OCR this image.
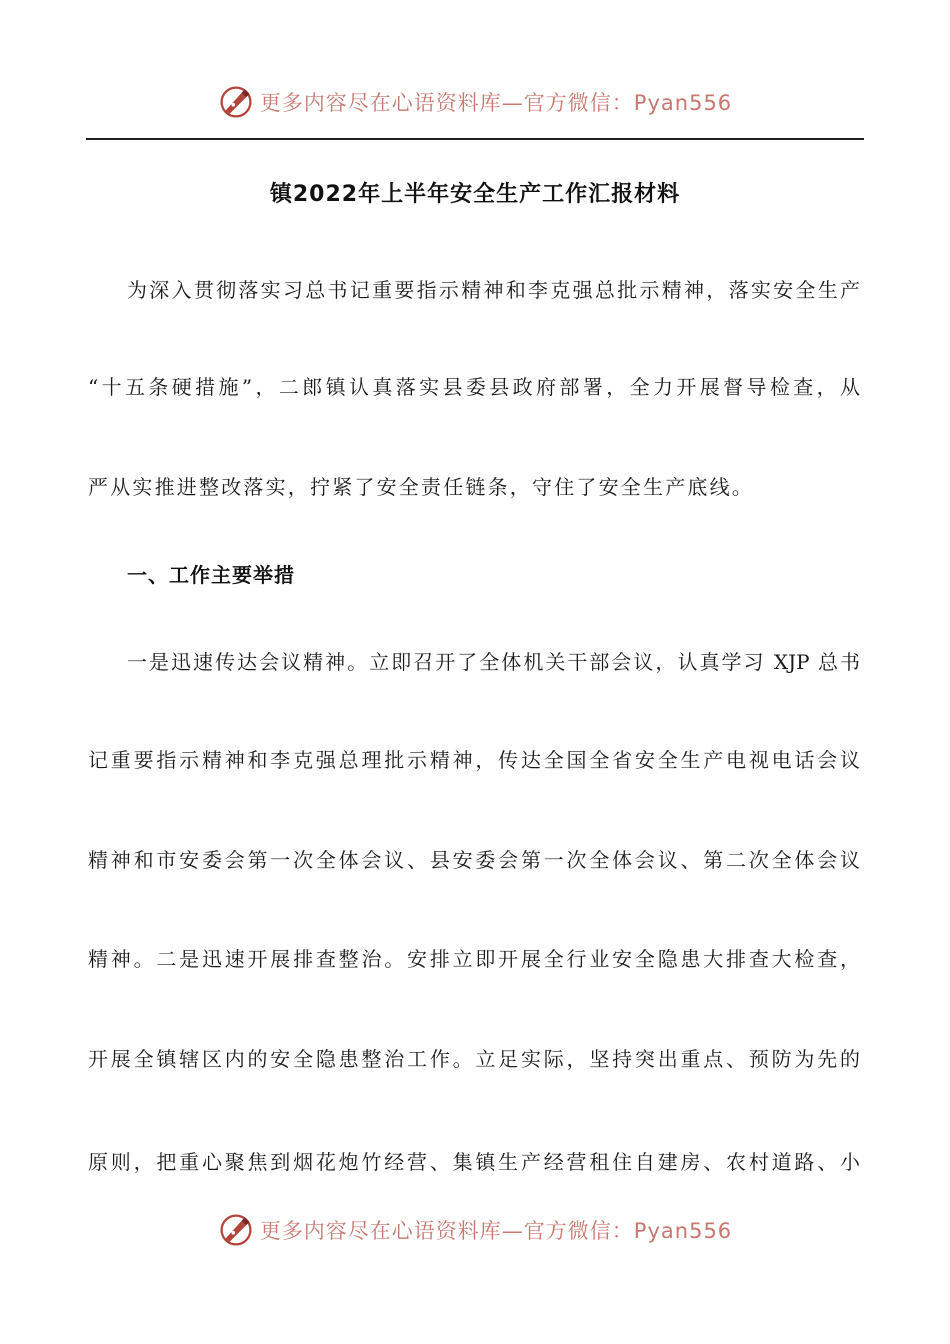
更多内容尽在心语资料库—官方微信：Pyan556
镇2022年上半年安全生产工作汇报材料
为深入贯彻落实习总书记重要指示精神和李克强总批示精神，落实安全生产
“十五条硬措施”，二郎镇认真落实县委县政府部署，全力开展督导检查，从
严从实推进整改落实，拧紧了安全责任链条，守住了安全生产底线。
一、工作主要举措
一是迅速传达会议精神。立即召开了全体机关干部会议，认真学习 XJP 总书
记重要指示精神和李克强总理批示精神，传达全国全省安全生产电视电话会议
精神和市安委会第一次全体会议、县安委会第一次全体会议、第二次全体会议
精神。二是迅速开展排查整治。安排立即开展全行业安全隐患大排查大检查，
开展全镇辖区内的安全隐患整治工作。立足实际，坚持突出重点、预防为先的
原则，把重心聚焦到烟花炮竹经营、集镇生产经营租住自建房、农村道路、小
更多内容尽在心语资料库—官方微信：Pyan556
